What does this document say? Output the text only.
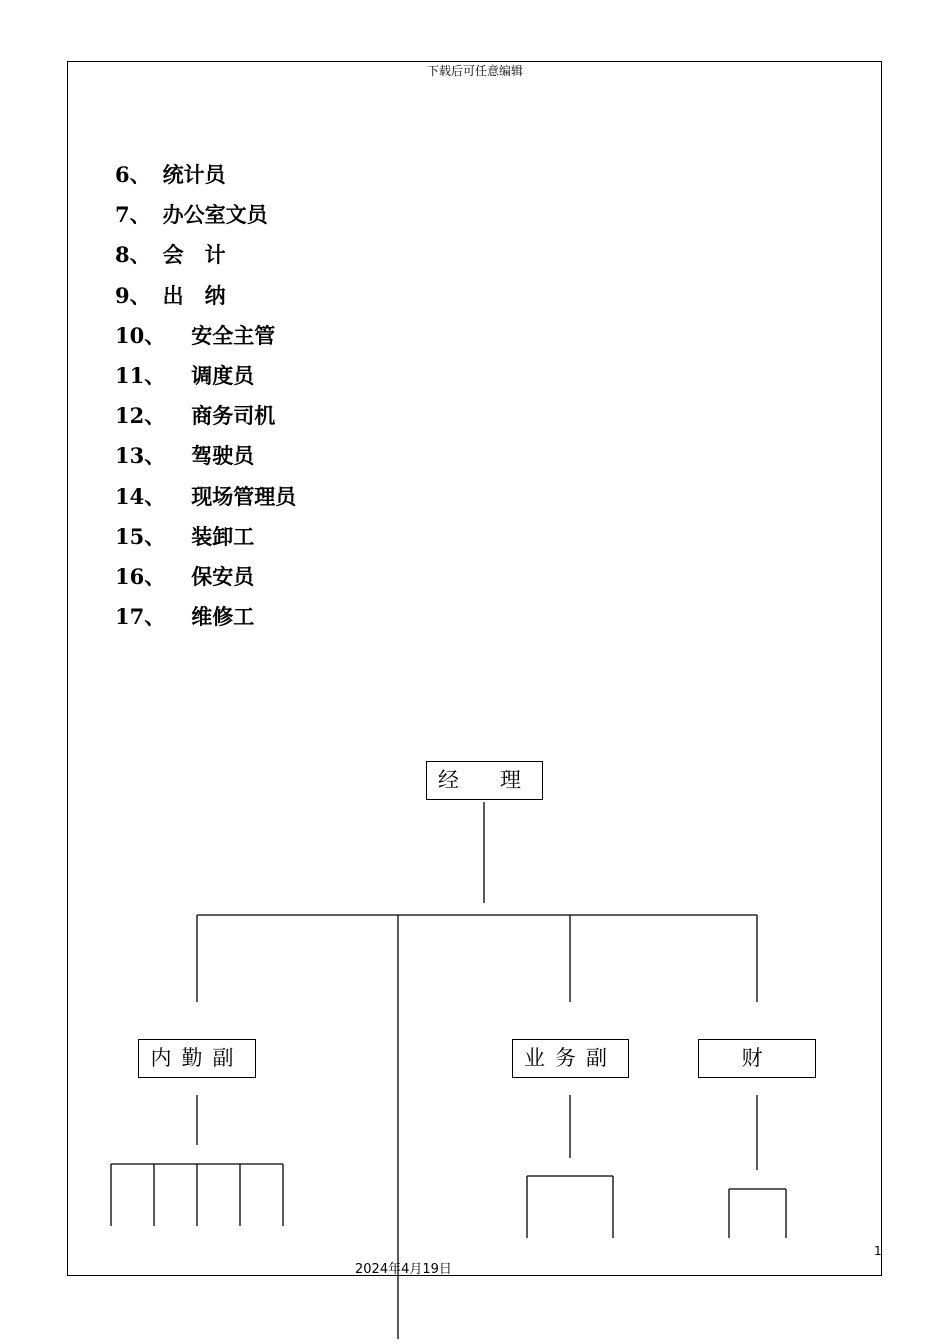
下载后可任意编辑
6、 统计员
7、 办公室文员
8、 会　计
9、 出　纳
10、 安全主管
11、 调度员
12、 商务司机
13、 驾驶员
14、 现场管理员
15、 装卸工
16、 保安员
17、 维修工
经　理
内勤副	业务副	财
1
2024年4月19日
